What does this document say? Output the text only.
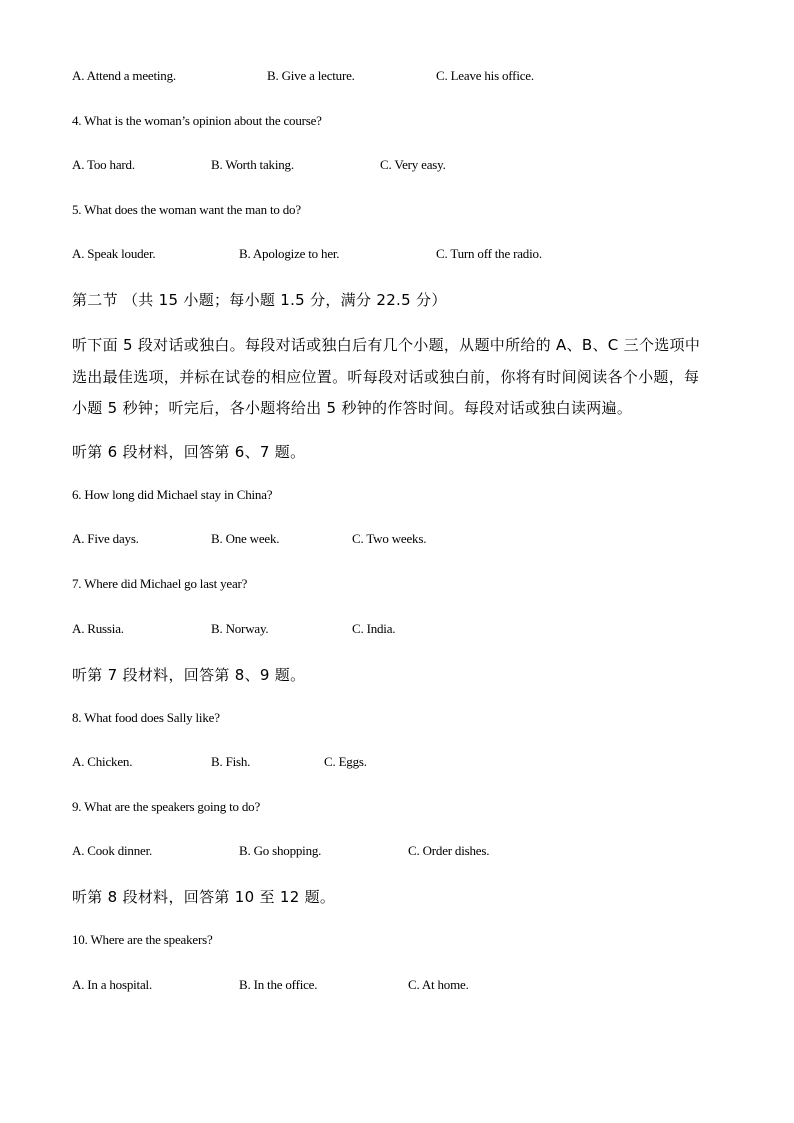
A. Attend a meeting.	B. Give a lecture.	C. Leave his office.
4. What is the woman’s opinion about the course?
A. Too hard.	B. Worth taking.	C. Very easy.
5. What does the woman want the man to do?
A. Speak louder.	B. Apologize to her.	C. Turn off the radio.
第二节 （共 15 小题；每小题 1.5 分，满分 22.5 分）
听下面 5 段对话或独白。每段对话或独白后有几个小题，从题中所给的 A、B、C 三个选项中
选出最佳选项，并标在试卷的相应位置。听每段对话或独白前，你将有时间阅读各个小题，每
小题 5 秒钟；听完后，各小题将给出 5 秒钟的作答时间。每段对话或独白读两遍。
听第 6 段材料，回答第 6、7 题。
6. How long did Michael stay in China?
A. Five days.	B. One week.	C. Two weeks.
7. Where did Michael go last year?
A. Russia.	B. Norway.	C. India.
听第 7 段材料，回答第 8、9 题。
8. What food does Sally like?
A. Chicken.	B. Fish.	C. Eggs.
9. What are the speakers going to do?
A. Cook dinner.	B. Go shopping.	C. Order dishes.
听第 8 段材料，回答第 10 至 12 题。
10. Where are the speakers?
A. In a hospital.	B. In the office.	C. At home.
